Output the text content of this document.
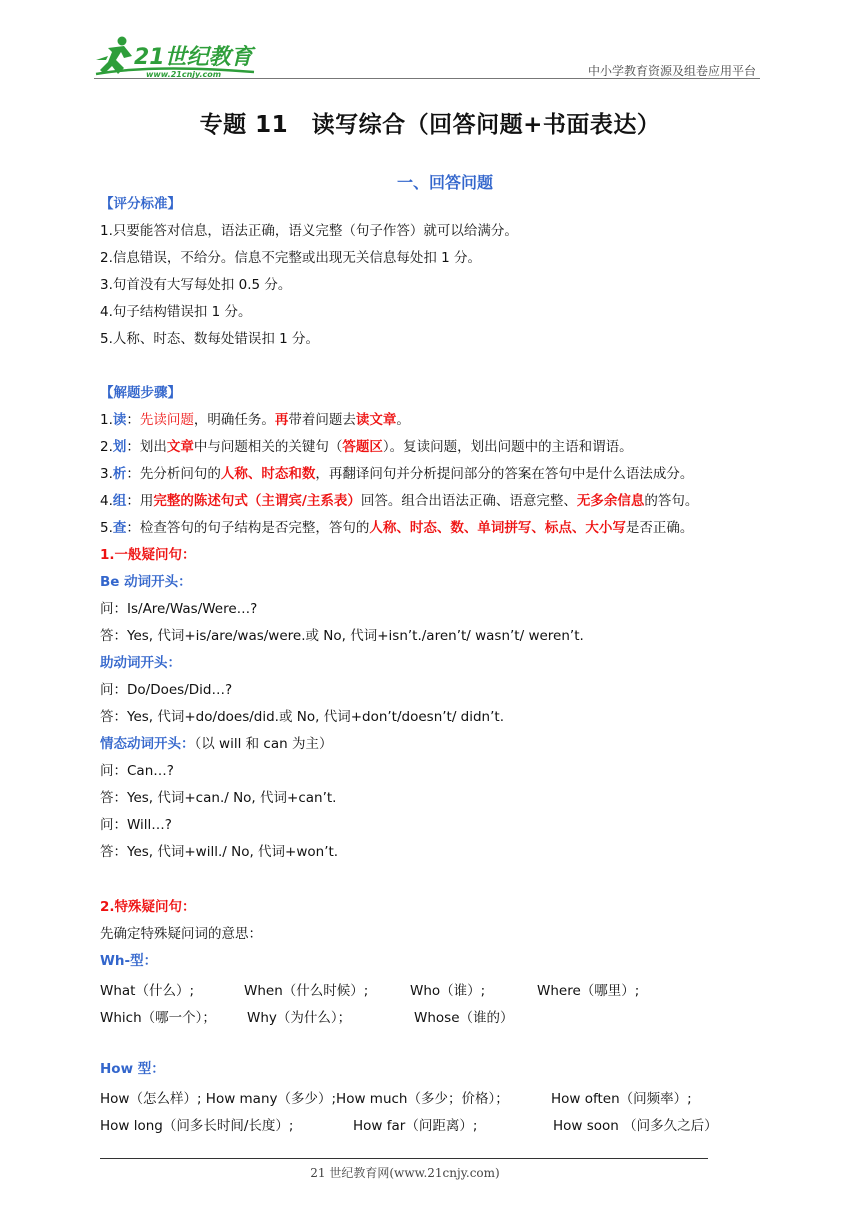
21世纪教育
www.21cnjy.com	中小学教育资源及组卷应用平台
专题 11　读写综合（回答问题+书面表达）
一、回答问题
【评分标准】
1.只要能答对信息，语法正确，语义完整（句子作答）就可以给满分。
2.信息错误，不给分。信息不完整或出现无关信息每处扣 1 分。
3.句首没有大写每处扣 0.5 分。
4.句子结构错误扣 1 分。
5.人称、时态、数每处错误扣 1 分。
【解题步骤】
1.读：先读问题，明确任务。再带着问题去读文章。
2.划：划出文章中与问题相关的关键句（答题区）。复读问题，划出问题中的主语和谓语。
3.析：先分析问句的人称、时态和数，再翻译问句并分析提问部分的答案在答句中是什么语法成分。
4.组：用完整的陈述句式（主谓宾/主系表）回答。组合出语法正确、语意完整、无多余信息的答句。
5.查：检查答句的句子结构是否完整，答句的人称、时态、数、单词拼写、标点、大小写是否正确。
1.一般疑问句：
Be 动词开头：
问：Is/Are/Was/Were…?
答：Yes, 代词+is/are/was/were.或 No, 代词+isn’t./aren’t/ wasn’t/ weren’t.
助动词开头：
问：Do/Does/Did…?
答：Yes, 代词+do/does/did.或 No, 代词+don’t/doesn’t/ didn’t.
情态动词开头：（以 will 和 can 为主）
问：Can…?
答：Yes, 代词+can./ No, 代词+can’t.
问：Will…?
答：Yes, 代词+will./ No, 代词+won’t.
2.特殊疑问句：
先确定特殊疑问词的意思：
Wh-型：
What（什么）;	When（什么时候）;	Who（谁）;	Where（哪里）;
Which（哪一个）； Why（为什么）；	Whose（谁的）
How 型：
How（怎么样）; How many（多少）;How much（多少；价格）；	How often（问频率）;
How long（问多长时间/长度）;	How far（问距离）;	How soon （问多久之后）
21 世纪教育网(www.21cnjy.com)
